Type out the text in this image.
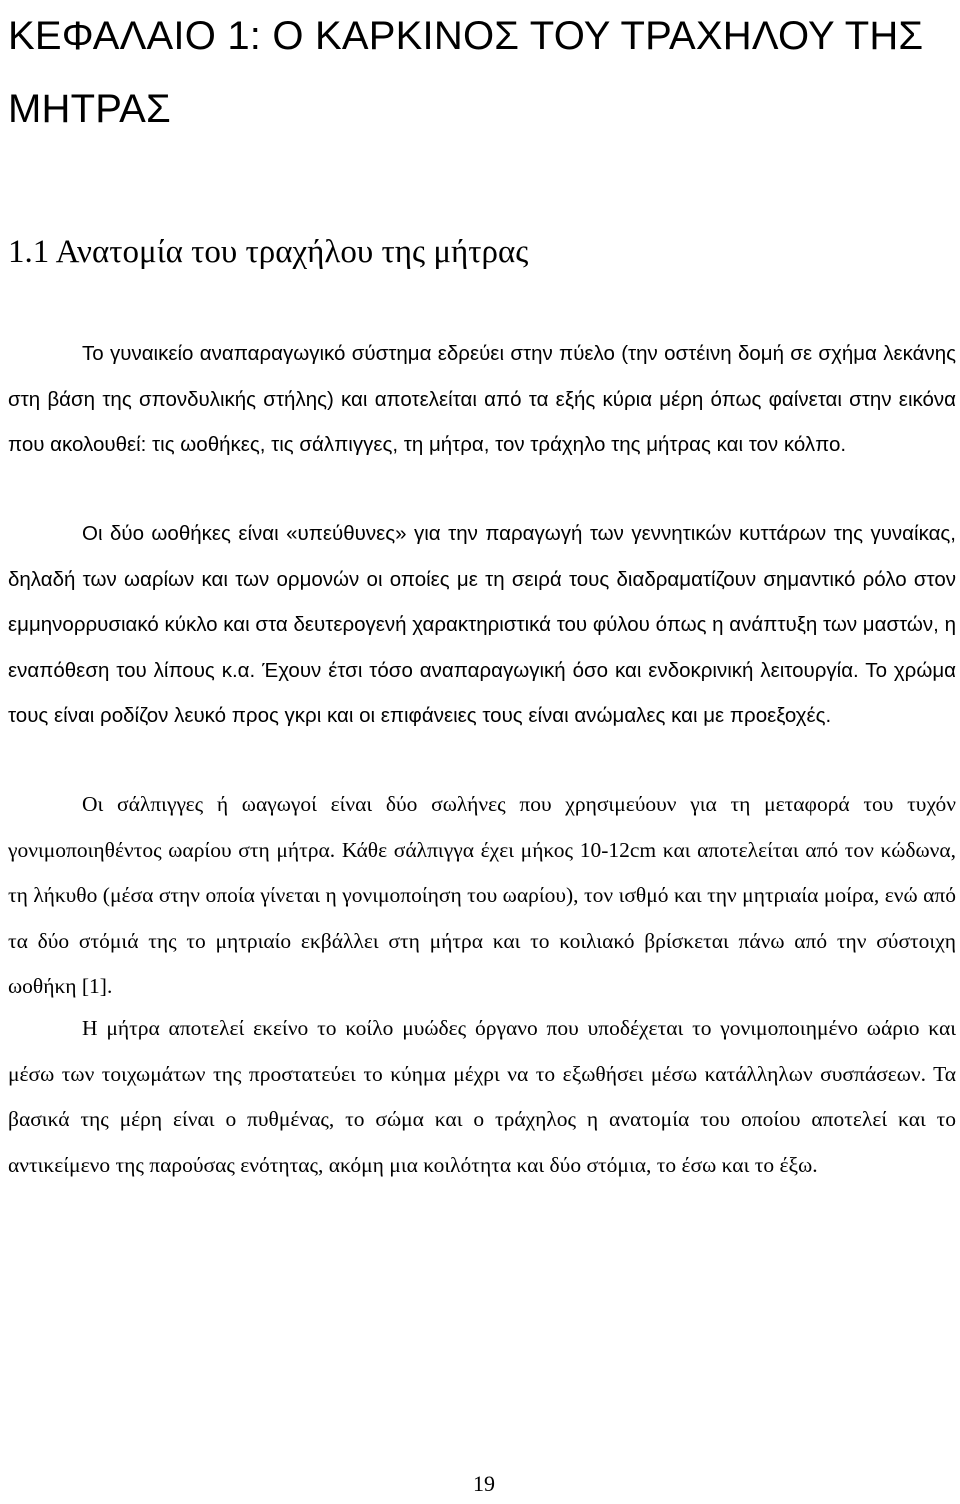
ΚΕΦΑΛΑΙΟ 1: Ο ΚΑΡΚΙΝΟΣ ΤΟΥ ΤΡΑΧΗΛΟΥ ΤΗΣ ΜΗΤΡΑΣ
1.1 Ανατομία του τραχήλου της μήτρας

Το γυναικείο αναπαραγωγικό σύστημα εδρεύει στην πύελο (την οστέινη δομή σε σχήμα λεκάνης στη βάση της σπονδυλικής στήλης) και αποτελείται από τα εξής κύρια μέρη όπως φαίνεται στην εικόνα που ακολουθεί: τις ωοθήκες, τις σάλπιγγες, τη μήτρα, τον τράχηλο της μήτρας και τον κόλπο.

Οι δύο ωοθήκες είναι «υπεύθυνες» για την παραγωγή των γεννητικών κυττάρων της γυναίκας, δηλαδή των ωαρίων και των ορμονών οι οποίες με τη σειρά τους διαδραματίζουν σημαντικό ρόλο στον εμμηνορρυσιακό κύκλο και στα δευτερογενή χαρακτηριστικά του φύλου όπως η ανάπτυξη των μαστών, η εναπόθεση του λίπους κ.α. Έχουν έτσι τόσο αναπαραγωγική όσο και ενδοκρινική λειτουργία. Το χρώμα τους είναι ροδίζον λευκό προς γκρι και οι επιφάνειες τους είναι ανώμαλες και με προεξοχές.

Οι σάλπιγγες ή ωαγωγοί είναι δύο σωλήνες που χρησιμεύουν για τη μεταφορά του τυχόν γονιμοποιηθέντος ωαρίου στη μήτρα. Κάθε σάλπιγγα έχει μήκος 10-12cm και αποτελείται από τον κώδωνα, τη λήκυθο (μέσα στην οποία γίνεται η γονιμοποίηση του ωαρίου), τον ισθμό και την μητριαία μοίρα, ενώ από τα δύο στόμιά της το μητριαίο εκβάλλει στη μήτρα και το κοιλιακό βρίσκεται πάνω από την σύστοιχη ωοθήκη [1].

Η μήτρα αποτελεί εκείνο το κοίλο μυώδες όργανο που υποδέχεται το γονιμοποιημένο ωάριο και μέσω των τοιχωμάτων της προστατεύει το κύημα μέχρι να το εξωθήσει μέσω κατάλληλων συσπάσεων. Τα βασικά της μέρη είναι ο πυθμένας, το σώμα και ο τράχηλος η ανατομία του οποίου αποτελεί και το αντικείμενο της παρούσας ενότητας, ακόμη μια κοιλότητα και δύο στόμια, το έσω και το έξω.

19
